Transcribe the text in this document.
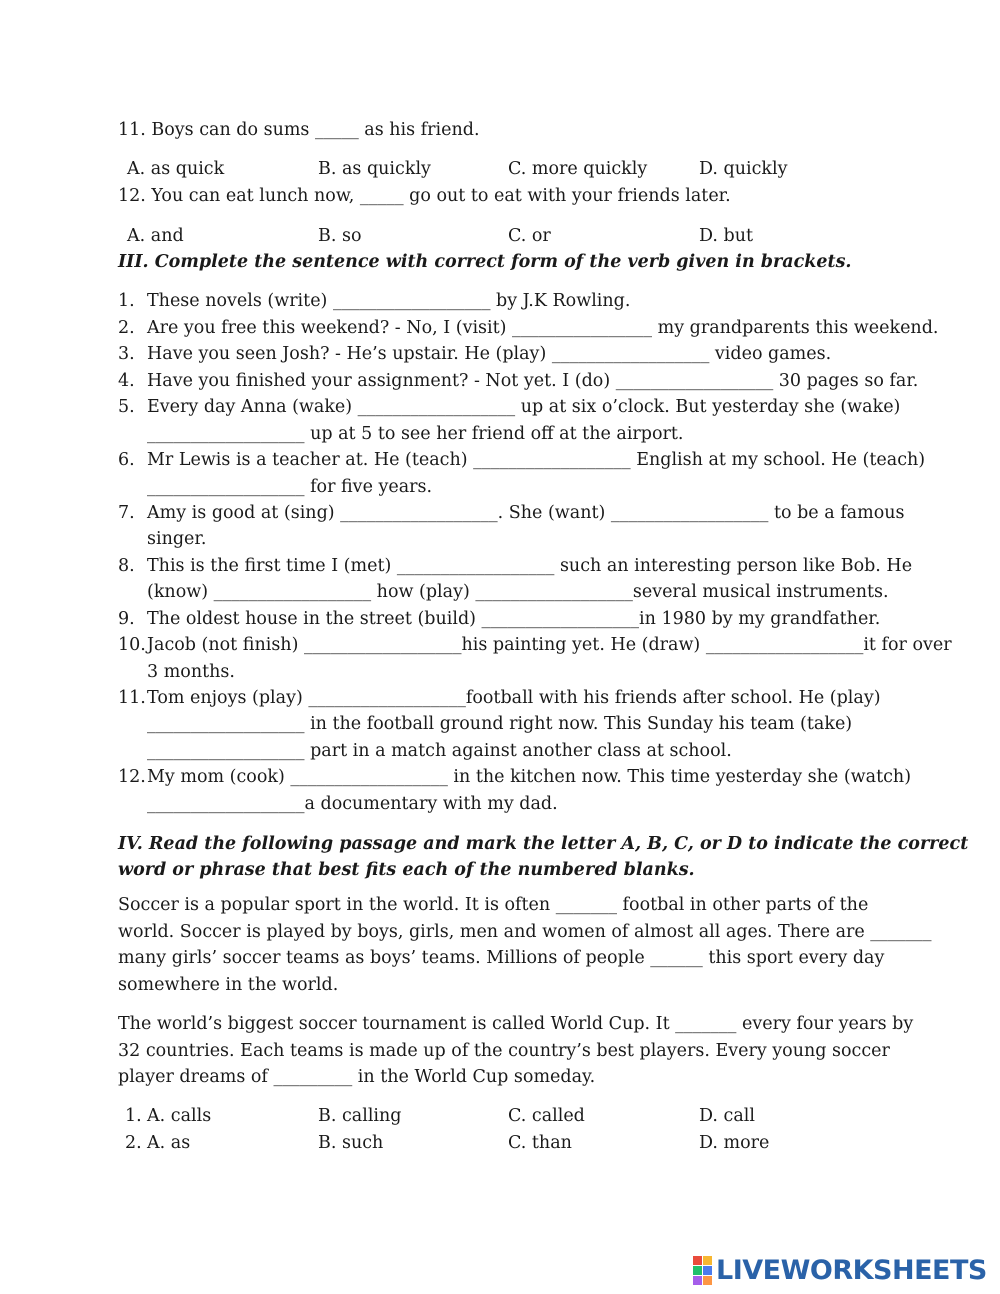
11. Boys can do sums _____ as his friend.
A. as quick	B. as quickly	C. more quickly	D. quickly
12. You can eat lunch now, _____ go out to eat with your friends later.
A. and	B. so	C. or	D. but
III. Complete the sentence with correct form of the verb given in brackets.
1. These novels (write) __________________ by J.K Rowling.
2. Are you free this weekend? - No, I (visit) ________________ my grandparents this weekend.
3. Have you seen Josh? - He’s upstair. He (play) __________________ video games.
4. Have you finished your assignment? - Not yet. I (do) __________________ 30 pages so far.
5. Every day Anna (wake) __________________ up at six o’clock. But yesterday she (wake)
__________________ up at 5 to see her friend off at the airport.
6. Mr Lewis is a teacher at. He (teach) __________________ English at my school. He (teach)
__________________ for five years.
7. Amy is good at (sing) __________________. She (want) __________________ to be a famous
singer.
8. This is the first time I (met) __________________ such an interesting person like Bob. He
(know) __________________ how (play) __________________several musical instruments.
9. The oldest house in the street (build) __________________in 1980 by my grandfather.
10. Jacob (not finish) __________________his painting yet. He (draw) __________________it for over
3 months.
11. Tom enjoys (play) __________________football with his friends after school. He (play)
__________________ in the football ground right now. This Sunday his team (take)
__________________ part in a match against another class at school.
12. My mom (cook) __________________ in the kitchen now. This time yesterday she (watch)
__________________a documentary with my dad.
IV. Read the following passage and mark the letter A, B, C, or D to indicate the correct
word or phrase that best fits each of the numbered blanks.
Soccer is a popular sport in the world. It is often _______ footbal in other parts of the
world. Soccer is played by boys, girls, men and women of almost all ages. There are _______
many girls’ soccer teams as boys’ teams. Millions of people ______ this sport every day
somewhere in the world.
The world’s biggest soccer tournament is called World Cup. It _______ every four years by
32 countries. Each teams is made up of the country’s best players. Every young soccer
player dreams of _________ in the World Cup someday.
1. A. calls	B. calling	C. called	D. call
2. A. as	B. such	C. than	D. more
LIVEWORKSHEETS
